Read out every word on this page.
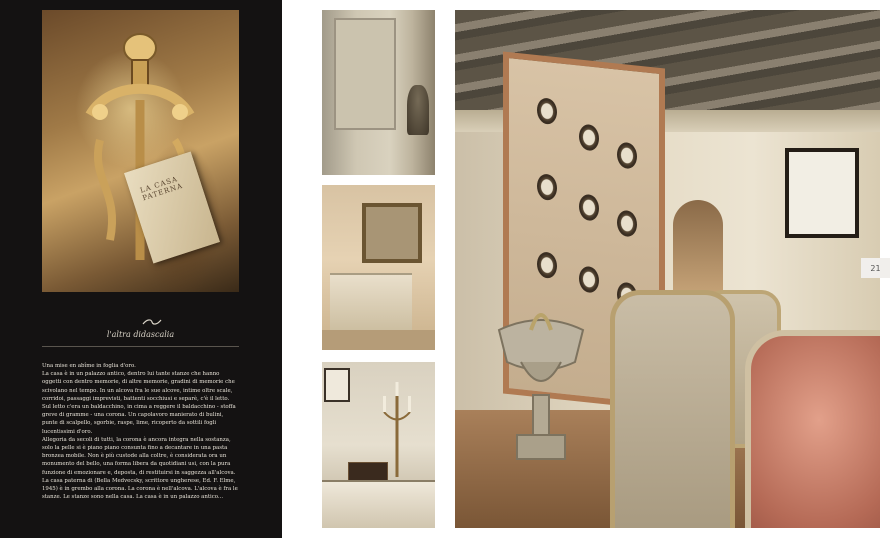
LA CASA PATERNA
l'altra didascalia

Una mise en abîme in foglia d'oro.

La casa è in un palazzo antico, dentro lui tante stanze che hanno oggetti con dentro memorie, di altre memorie, gradini di memorie che scivolano nel tempo. In un alcova fra le sue alcove, intime oltre scale, corridoi, passaggi imprevisti, battenti socchiusi e separè, c'è il letto. Sul letto c'era un baldacchino, in cima a reggere il baldacchino - stoffa greve di gramme - una corona. Un capolavoro manierato di bulini, punte di scalpello, sgorbie, raspe, lime, ricoperto da sottili fogli lucentissimi d'oro.

Allegoria da secoli di tutti, la corona è ancora integra nella sostanza, solo la pelle si è piano piano consunta fino a decantare in una pasta bronzea mobile. Non è più custode alla coltre, è considerata ora un monumento del bello, una forma libera da quotidiani usi, con la pura funzione di emozionare e, deposta, di restituirsi in saggezza all'alcova. La casa paterna di (Bella Medvecsky, scrittore ungherese, Ed. F. Elme, 1945) è in grembo alla corona. La corona è nell'alcova. L'alcova è fra le stanze. Le stanze sono nella casa. La casa è in un palazzo antico...

21
